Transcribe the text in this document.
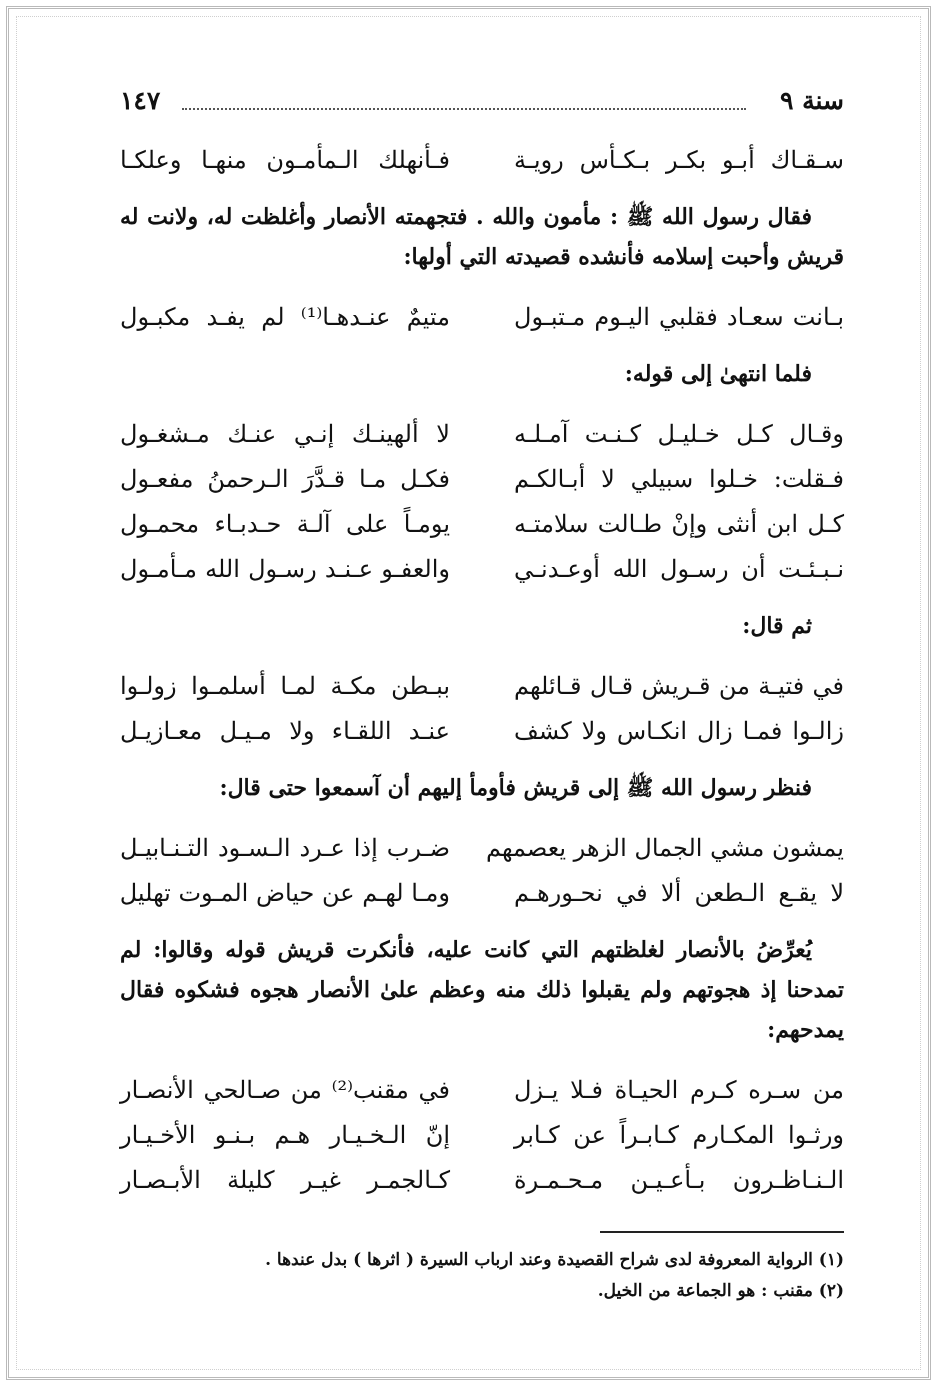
سنة ٩
١٤٧
سـقـاك أبـو بكـر بـكـأس رويـة
فـأنهلك الـمأمـون منهـا وعلكـا

فقال رسول الله ﷺ : مأمون والله . فتجهمته الأنصار وأغلظت له، ولانت له قريش وأحبت إسلامه فأنشده قصيدته التي أولها:

بـانت سعـاد فقلبي اليـوم مـتبـول
متيمٌ عنـدهـا⁽¹⁾ لم يفـد مكبـول

فلما انتهىٰ إلى قوله:

وقـال كـل خـليـل كـنـت آمـلـه
لا ألهينـك إنـي عنـك مـشغـول
فـقلت: خـلوا سبيلي لا أبـالكـم
فكـل مـا قـدَّرَ الـرحمنُ مفعـول
كـل ابن أنثى وإنْ طـالت سلامتـه
يومـاً على آلـة حـدبـاء محمـول
نـبـئـت أن رسـول الله أوعـدنـي
والعفـو عـنـد رسـول الله مـأمـول

ثم قال:

في فتيـة من قـريش قـال قـائلهم
ببـطن مكـة لمـا أسلمـوا زولـوا
زالـوا فمـا زال انكـاس ولا كشف
عنـد اللقـاء ولا مـيـل معـازيـل

فنظر رسول الله ﷺ إلى قريش فأومأ إليهم أن آسمعوا حتى قال:

يمشون مشي الجمال الزهر يعصمهم
ضـرب إذا عـرد الـسـود التـنـابيـل
لا يقـع الـطعن ألا في نحـورهـم
ومـا لهـم عن حياض المـوت تهليل

يُعرِّضُ بالأنصار لغلظتهم التي كانت عليه، فأنكرت قريش قوله وقالوا: لم تمدحنا إذ هجوتهم ولم يقبلوا ذلك منه وعظم علىٰ الأنصار هجوه فشكوه فقال يمدحهم:

من سـره كـرم الحيـاة فـلا يـزل
في مقنب⁽²⁾ من صـالحي الأنصـار
ورثـوا المكـارم كـابـراً عن كـابر
إنّ الـخـيـار هـم بـنـو الأخـيـار
الـنـاظـرون بـأعـيـن مـحـمـرة
كـالجمـر غيـر كليلة الأبـصـار
(١) الرواية المعروفة لدى شراح القصيدة وعند ارباب السيرة ( اثرها ) بدل عندها .
(٢) مقنب : هو الجماعة من الخيل.
